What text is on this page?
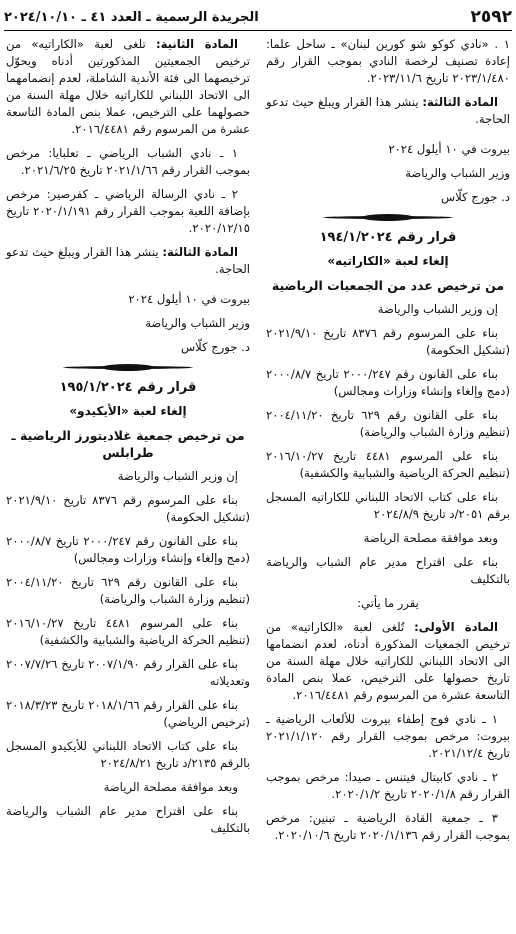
٢٥٩٢
الجريدة الرسمية ـ العدد ٤١ ـ ٢٠٢٤/١٠/١٠

١ . «نادي كوكو شو كورين لبنان» ـ ساحل علما: إعادة تصنيف لرخصة النادي بموجب القرار رقم ٢٠٢٣/١/٤٨٠ تاريخ ٢٠٢٣/١١/٦.

المادة الثالثة: ينشر هذا القرار ويبلغ حيث تدعو الحاجة.

بيروت في ١٠ أيلول ٢٠٢٤

وزير الشباب والرياضة

د. جورج كلّاس

قرار رقم ١٩٤/١/٢٠٢٤

إلغاء لعبة «الكاراتيه»

من ترخيص عدد من الجمعيات الرياضية

إن وزير الشباب والرياضة

بناء على المرسوم رقم ٨٣٧٦ تاريخ ٢٠٢١/٩/١٠ (تشكيل الحكومة)

بناء على القانون رقم ٢٠٠٠/٢٤٧ تاريخ ٢٠٠٠/٨/٧ (دمج وإلغاء وإنشاء وزارات ومجالس)

بناء على القانون رقم ٦٢٩ تاريخ ٢٠٠٤/١١/٢٠ (تنظيم وزارة الشباب والرياضة)

بناء على المرسوم ٤٤٨١ تاريخ ٢٠١٦/١٠/٢٧ (تنظيم الحركة الرياضية والشبابية والكشفية)

بناء على كتاب الاتحاد اللبناني للكاراتيه المسجل برقم ٢٠٥١/د تاريخ ٢٠٢٤/٨/٩

وبعد موافقة مصلحة الرياضة

بناء على اقتراح مدير عام الشباب والرياضة بالتكليف

يقرر ما يأتي:

المادة الأولى: تُلغى لعبة «الكاراتيه» من ترخيص الجمعيات المذكورة أدناه، لعدم انضمامها الى الاتحاد اللبناني للكاراتيه خلال مهلة السنة من تاريخ حصولها على الترخيص، عملا بنص المادة التاسعة عشرة من المرسوم رقم ٢٠١٦/٤٤٨١.

١ ـ نادي فوج إطفاء بيروت للألعاب الرياضية ـ بيروت: مرخص بموجب القرار رقم ٢٠٢١/١/١٢٠ تاريخ ٢٠٢١/١٢/٤.

٢ ـ نادي كابيتال فيتنس ـ صيدا: مرخص بموجب القرار رقم ٢٠٢٠/١/٨ تاريخ ٢٠٢٠/١/٢.

٣ ـ جمعية القادة الرياضية ـ تبنين: مرخص بموجب القرار رقم ٢٠٢٠/١/١٣٦ تاريخ ٢٠٢٠/١٠/٦.

المادة الثانية: تلغى لعبة «الكاراتيه» من ترخيص الجمعيتين المذكورتين أدناه ويحوّل ترخيصهما الى فئة الأندية الشاملة، لعدم إنضمامهما الى الاتحاد اللبناني للكاراتيه خلال مهلة السنة من حصولهما على الترخيص، عملا بنص المادة التاسعة عشرة من المرسوم رقم ٢٠١٦/٤٤٨١.

١ ـ نادي الشباب الرياضي ـ تعلبايا: مرخص بموجب القرار رقم ٢٠٢١/١/٦٦ تاريخ ٢٠٢١/٦/٢٥.

٢ ـ نادي الرسالة الرياضي ـ كفرصير: مرخص بإضافة اللعبة بموجب القرار رقم ٢٠٢٠/١/١٩١ تاريخ ٢٠٢٠/١٢/١٥.

المادة الثالثة: ينشر هذا القرار ويبلغ حيث تدعو الحاجة.

بيروت في ١٠ أيلول ٢٠٢٤

وزير الشباب والرياضة

د. جورج كلّاس

قرار رقم ١٩٥/١/٢٠٢٤

إلغاء لعبة «الأيكيدو»

من ترخيص جمعية غلاديتورز الرياضية ـ طرابلس

إن وزير الشباب والرياضة

بناء على المرسوم رقم ٨٣٧٦ تاريخ ٢٠٢١/٩/١٠ (تشكيل الحكومة)

بناء على القانون رقم ٢٠٠٠/٢٤٧ تاريخ ٢٠٠٠/٨/٧ (دمج وإلغاء وإنشاء وزارات ومجالس)

بناء على القانون رقم ٦٢٩ تاريخ ٢٠٠٤/١١/٢٠ (تنظيم وزارة الشباب والرياضة)

بناء على المرسوم ٤٤٨١ تاريخ ٢٠١٦/١٠/٢٧ (تنظيم الحركة الرياضية والشبابية والكشفية)

بناء على القرار رقم ٢٠٠٧/١/٩٠ تاريخ ٢٠٠٧/٧/٢٦ وتعديلاته

بناء على القرار رقم ٢٠١٨/١/٦٦ تاريخ ٢٠١٨/٣/٢٣ (ترخيص الرياضي)

بناء على كتاب الاتحاد اللبناني للأيكيدو المسجل بالرقم ٢١٣٥/د تاريخ ٢٠٢٤/٨/٢١

وبعد موافقة مصلحة الرياضة

بناء على اقتراح مدير عام الشباب والرياضة بالتكليف
